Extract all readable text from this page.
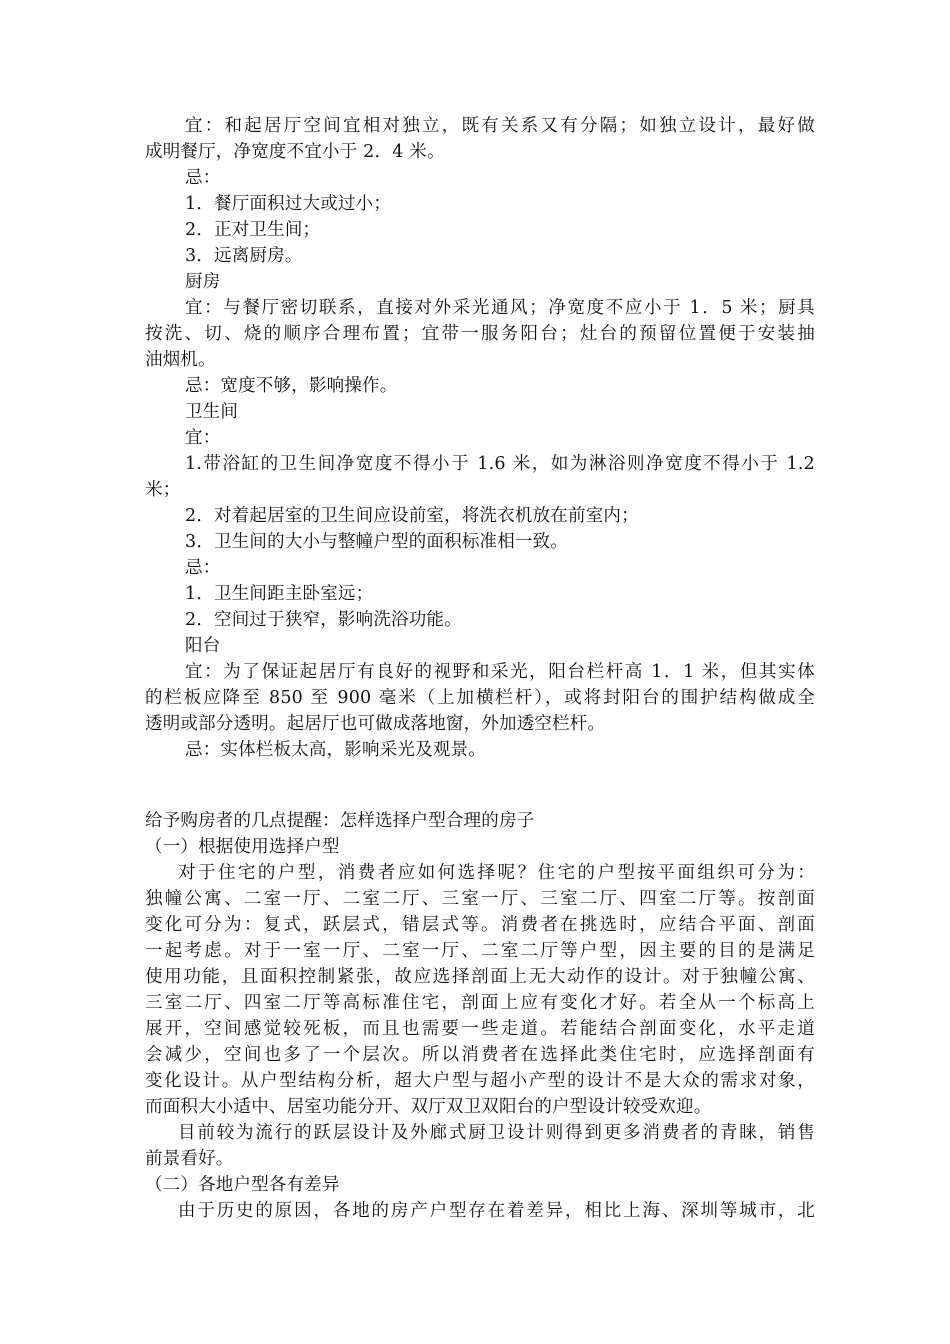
宜：和起居厅空间宜相对独立，既有关系又有分隔；如独立设计，最好做
成明餐厅，净宽度不宜小于 2．4 米。
忌：
1．餐厅面积过大或过小；
2．正对卫生间；
3．远离厨房。
厨房
宜：与餐厅密切联系，直接对外采光通风；净宽度不应小于 1．5 米；厨具
按洗、切、烧的顺序合理布置；宜带一服务阳台；灶台的预留位置便于安装抽
油烟机。
忌：宽度不够，影响操作。
卫生间
宜：
1.带浴缸的卫生间净宽度不得小于 1.6 米，如为淋浴则净宽度不得小于 1.2
米；
2．对着起居室的卫生间应设前室，将洗衣机放在前室内；
3．卫生间的大小与整幢户型的面积标准相一致。
忌：
1．卫生间距主卧室远；
2．空间过于狭窄，影响洗浴功能。
阳台
宜：为了保证起居厅有良好的视野和采光，阳台栏杆高 1．1 米，但其实体
的栏板应降至 850 至 900 毫米（上加横栏杆），或将封阳台的围护结构做成全
透明或部分透明。起居厅也可做成落地窗，外加透空栏杆。
忌：实体栏板太高，影响采光及观景。
给予购房者的几点提醒：怎样选择户型合理的房子
（一）根据使用选择户型
对于住宅的户型，消费者应如何选择呢？住宅的户型按平面组织可分为：
独幢公寓、二室一厅、二室二厅、三室一厅、三室二厅、四室二厅等。按剖面
变化可分为：复式，跃层式，错层式等。消费者在挑选时，应结合平面、剖面
一起考虑。对于一室一厅、二室一厅、二室二厅等户型，因主要的目的是满足
使用功能，且面积控制紧张，故应选择剖面上无大动作的设计。对于独幢公寓、
三室二厅、四室二厅等高标准住宅，剖面上应有变化才好。若全从一个标高上
展开，空间感觉较死板，而且也需要一些走道。若能结合剖面变化，水平走道
会减少，空间也多了一个层次。所以消费者在选择此类住宅时，应选择剖面有
变化设计。从户型结构分析，超大户型与超小产型的设计不是大众的需求对象，
而面积大小适中、居室功能分开、双厅双卫双阳台的户型设计较受欢迎。
目前较为流行的跃层设计及外廊式厨卫设计则得到更多消费者的青睐，销售
前景看好。
（二）各地户型各有差异
由于历史的原因，各地的房产户型存在着差异，相比上海、深圳等城市，北
